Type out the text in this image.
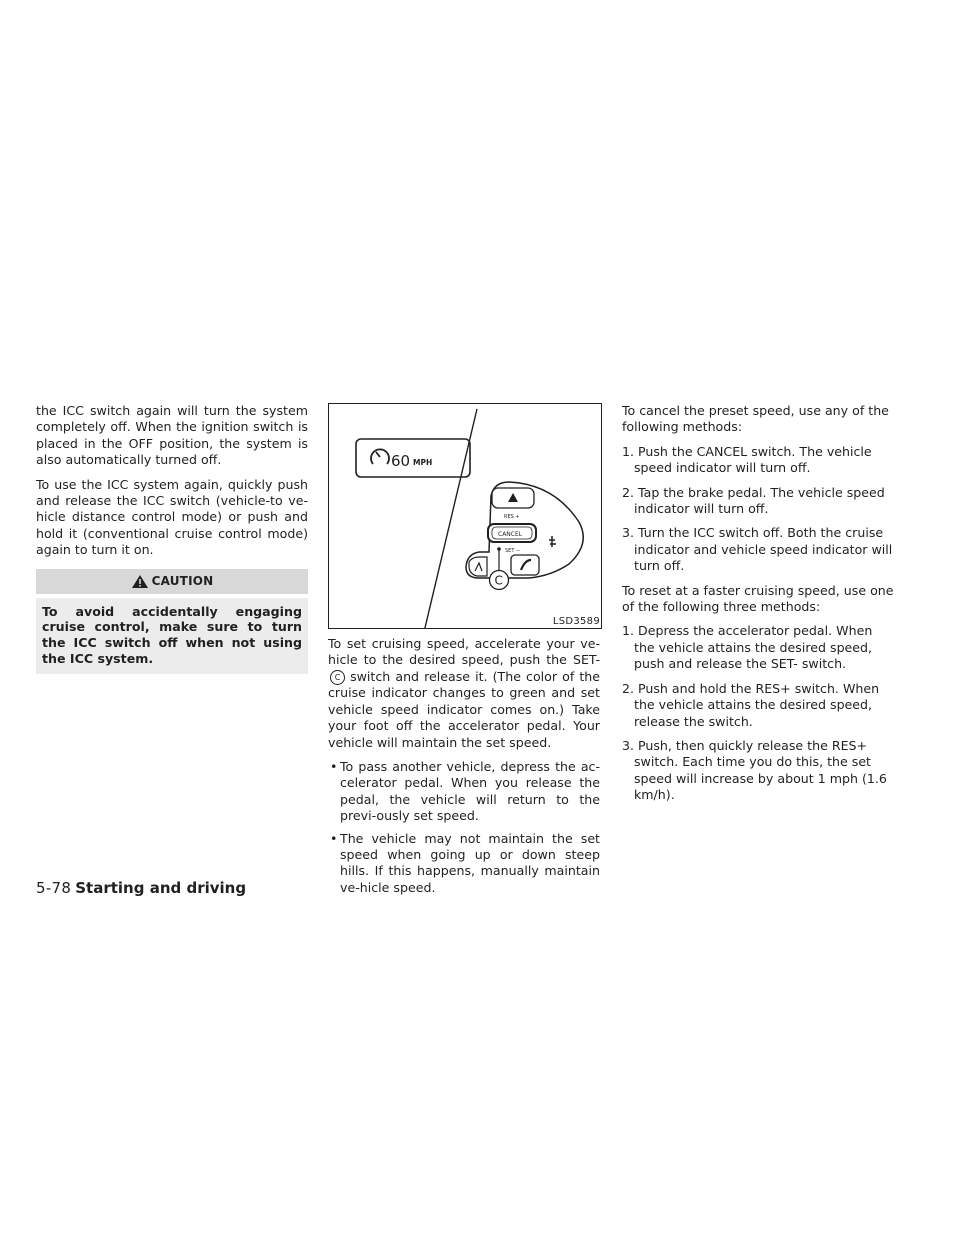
the ICC switch again will turn the system completely off. When the ignition switch is placed in the OFF position, the system is also automatically turned off.

To use the ICC system again, quickly push and release the ICC switch (vehicle-to ve-hicle distance control mode) or push and hold it (conventional cruise control mode) again to turn it on.

CAUTION
To avoid accidentally engaging cruise control, make sure to turn the ICC switch off when not using the ICC system.
60 MPH
RES +
CANCEL
SET −
C
LSD3589

To set cruising speed, accelerate your ve-hicle to the desired speed, push the SET-C switch and release it. (The color of the cruise indicator changes to green and set vehicle speed indicator comes on.) Take your foot off the accelerator pedal. Your vehicle will maintain the set speed.

• To pass another vehicle, depress the ac-celerator pedal. When you release the pedal, the vehicle will return to the previ-ously set speed.
• The vehicle may not maintain the set speed when going up or down steep hills. If this happens, manually maintain ve-hicle speed.

To cancel the preset speed, use any of the following methods:

1. Push the CANCEL switch. The vehicle speed indicator will turn off.

2. Tap the brake pedal. The vehicle speed indicator will turn off.

3. Turn the ICC switch off. Both the cruise indicator and vehicle speed indicator will turn off.

To reset at a faster cruising speed, use one of the following three methods:

1. Depress the accelerator pedal. When the vehicle attains the desired speed, push and release the SET- switch.

2. Push and hold the RES+ switch. When the vehicle attains the desired speed, release the switch.

3. Push, then quickly release the RES+ switch. Each time you do this, the set speed will increase by about 1 mph (1.6 km/h).

5-78 Starting and driving
